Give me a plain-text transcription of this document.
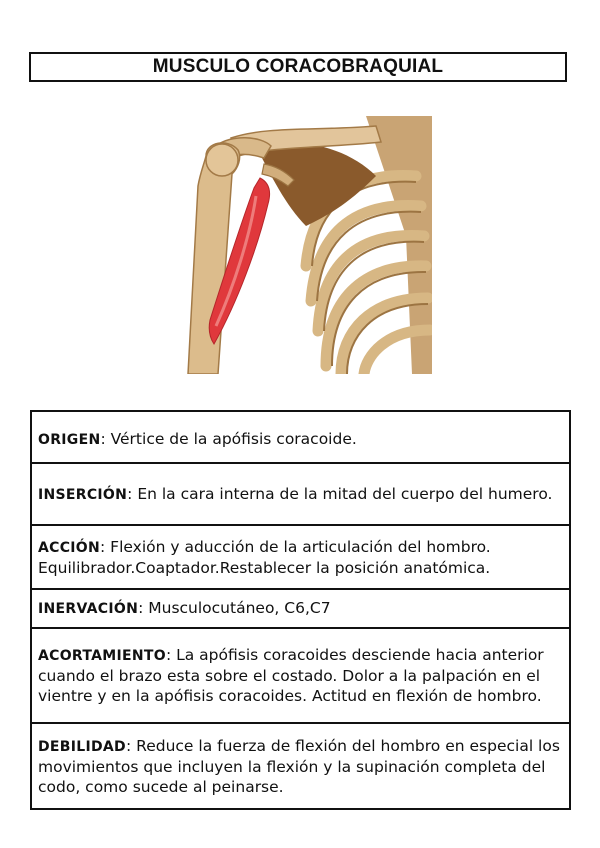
MUSCULO CORACOBRAQUIAL
ORIGEN: Vértice de la apófisis coracoide.
INSERCIÓN: En la cara interna de la mitad del cuerpo del humero.
ACCIÓN: Flexión y aducción de la articulación del hombro. Equilibrador.Coaptador.Restablecer la posición anatómica.
INERVACIÓN: Musculocutáneo, C6,C7
ACORTAMIENTO: La apófisis coracoides desciende hacia anterior cuando el brazo esta sobre el costado. Dolor a la palpación en el vientre y en la apófisis coracoides. Actitud en flexión de hombro.
DEBILIDAD: Reduce la fuerza de flexión del hombro en especial los movimientos que incluyen la flexión y la supinación completa del codo, como sucede al peinarse.
